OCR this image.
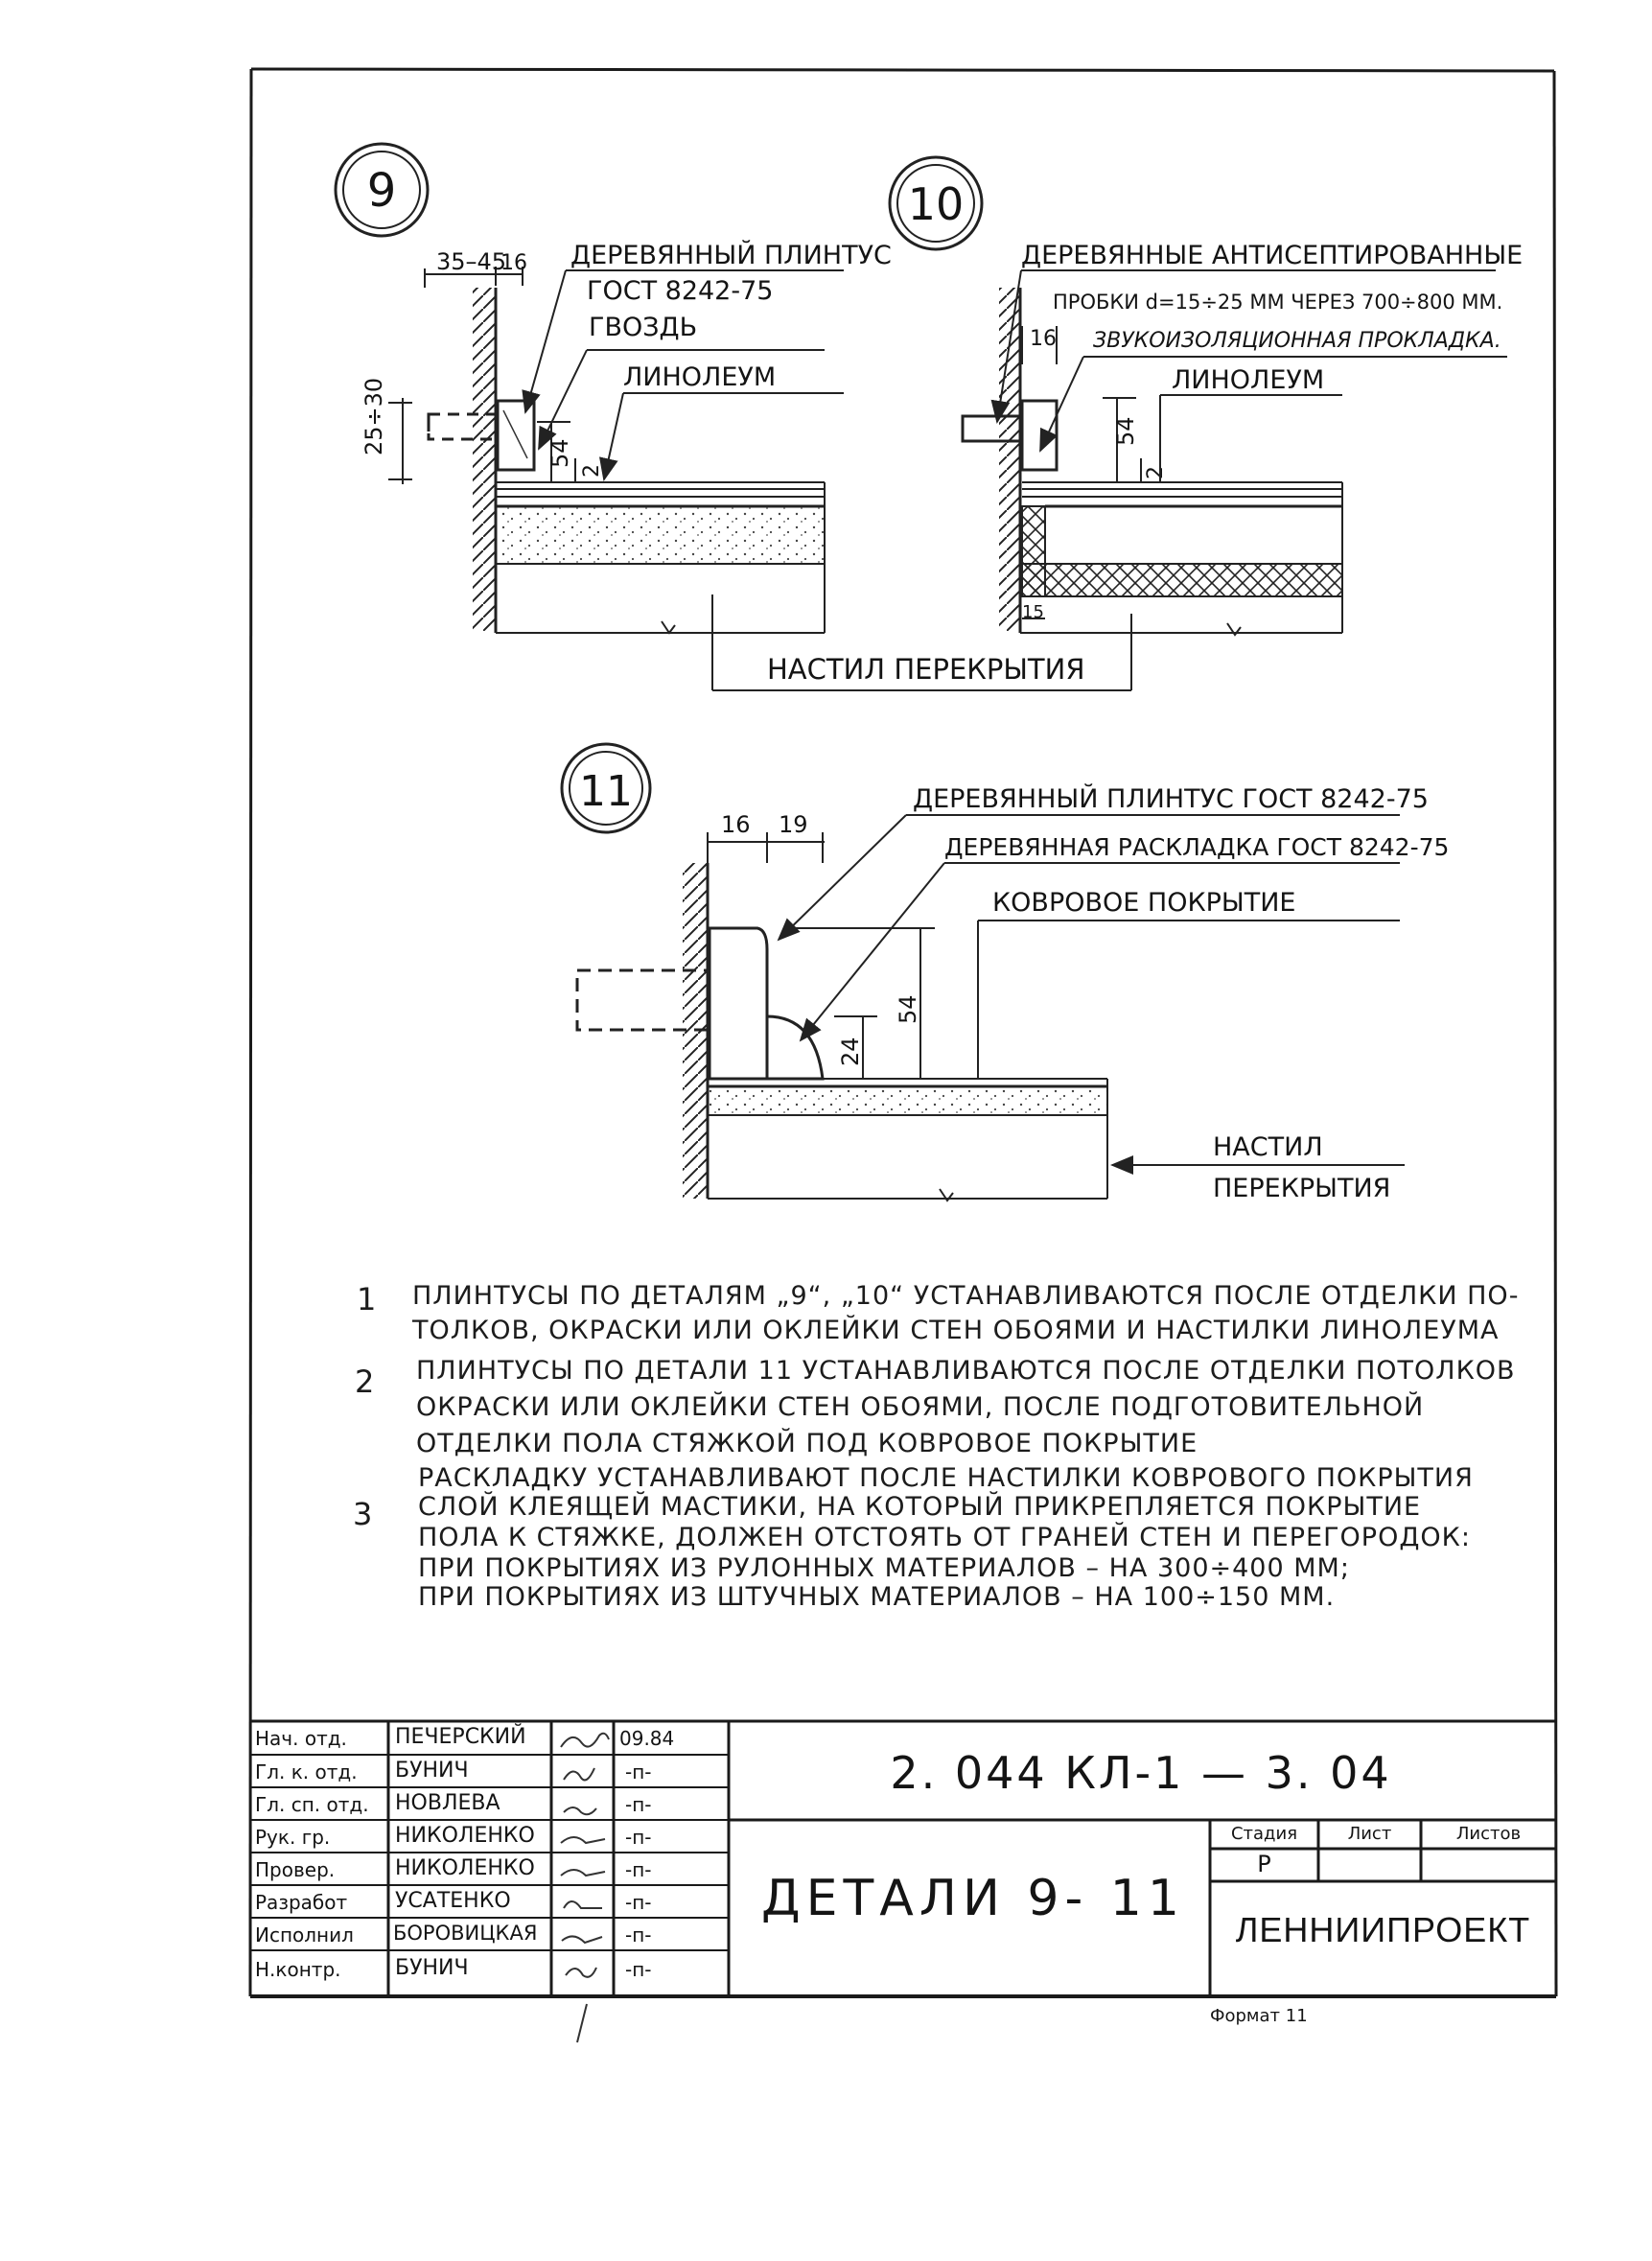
9
35–45
16
25÷30	54
2
ДЕРЕВЯННЫЙ ПЛИНТУС
ГОСТ 8242-75
ГВОЗДЬ
ЛИНОЛЕУМ
10
16
54
2
15
ДЕРЕВЯННЫЕ АНТИСЕПТИРОВАННЫЕ
ПРОБКИ d=15÷25 ММ ЧЕРЕЗ 700÷800 ММ.
ЗВУКОИЗОЛЯЦИОННАЯ ПРОКЛАДКА.
ЛИНОЛЕУМ
НАСТИЛ ПЕРЕКРЫТИЯ
11
16 19
24
54
ДЕРЕВЯННЫЙ ПЛИНТУС ГОСТ 8242-75
ДЕРЕВЯННАЯ РАСКЛАДКА ГОСТ 8242-75
КОВРОВОЕ ПОКРЫТИЕ
НАСТИЛ
ПЕРЕКРЫТИЯ
1 ПЛИНТУСЫ ПО ДЕТАЛЯМ „9“, „10“ УСТАНАВЛИВАЮТСЯ ПОСЛЕ ОТДЕЛКИ ПО-
ТОЛКОВ, ОКРАСКИ ИЛИ ОКЛЕЙКИ СТЕН ОБОЯМИ И НАСТИЛКИ ЛИНОЛЕУМА
2 ПЛИНТУСЫ ПО ДЕТАЛИ 11 УСТАНАВЛИВАЮТСЯ ПОСЛЕ ОТДЕЛКИ ПОТОЛКОВ
ОКРАСКИ ИЛИ ОКЛЕЙКИ СТЕН ОБОЯМИ, ПОСЛЕ ПОДГОТОВИТЕЛЬНОЙ
ОТДЕЛКИ ПОЛА СТЯЖКОЙ ПОД КОВРОВОЕ ПОКРЫТИЕ
РАСКЛАДКУ УСТАНАВЛИВАЮТ ПОСЛЕ НАСТИЛКИ КОВРОВОГО ПОКРЫТИЯ
3 СЛОЙ КЛЕЯЩЕЙ МАСТИКИ, НА КОТОРЫЙ ПРИКРЕПЛЯЕТСЯ ПОКРЫТИЕ
ПОЛА К СТЯЖКЕ, ДОЛЖЕН ОТСТОЯТЬ ОТ ГРАНЕЙ СТЕН И ПЕРЕГОРОДОК:
ПРИ ПОКРЫТИЯХ ИЗ РУЛОННЫХ МАТЕРИАЛОВ – НА 300÷400 ММ;
ПРИ ПОКРЫТИЯХ ИЗ ШТУЧНЫХ МАТЕРИАЛОВ – НА 100÷150 ММ.
Нач. отд. ПЕЧЕРСКИЙ	09.84
Гл. к. отд. БУНИЧ	-п-
Гл. сп. отд. НОВЛЕВА	-п-
Рук. гр.	НИКОЛЕНКО	-п-
Провер.	НИКОЛЕНКО	-п-
Разработ УСАТЕНКО	-п-
Исполнил БОРОВИЦКАЯ	-п-
Н.контр.	БУНИЧ	-п-
2. 044 КЛ-1 — 3. 04
ДЕТАЛИ 9- 11
Стадия	Лист	Листов
Р
ЛЕННИИПРОЕКТ
Формат 11
